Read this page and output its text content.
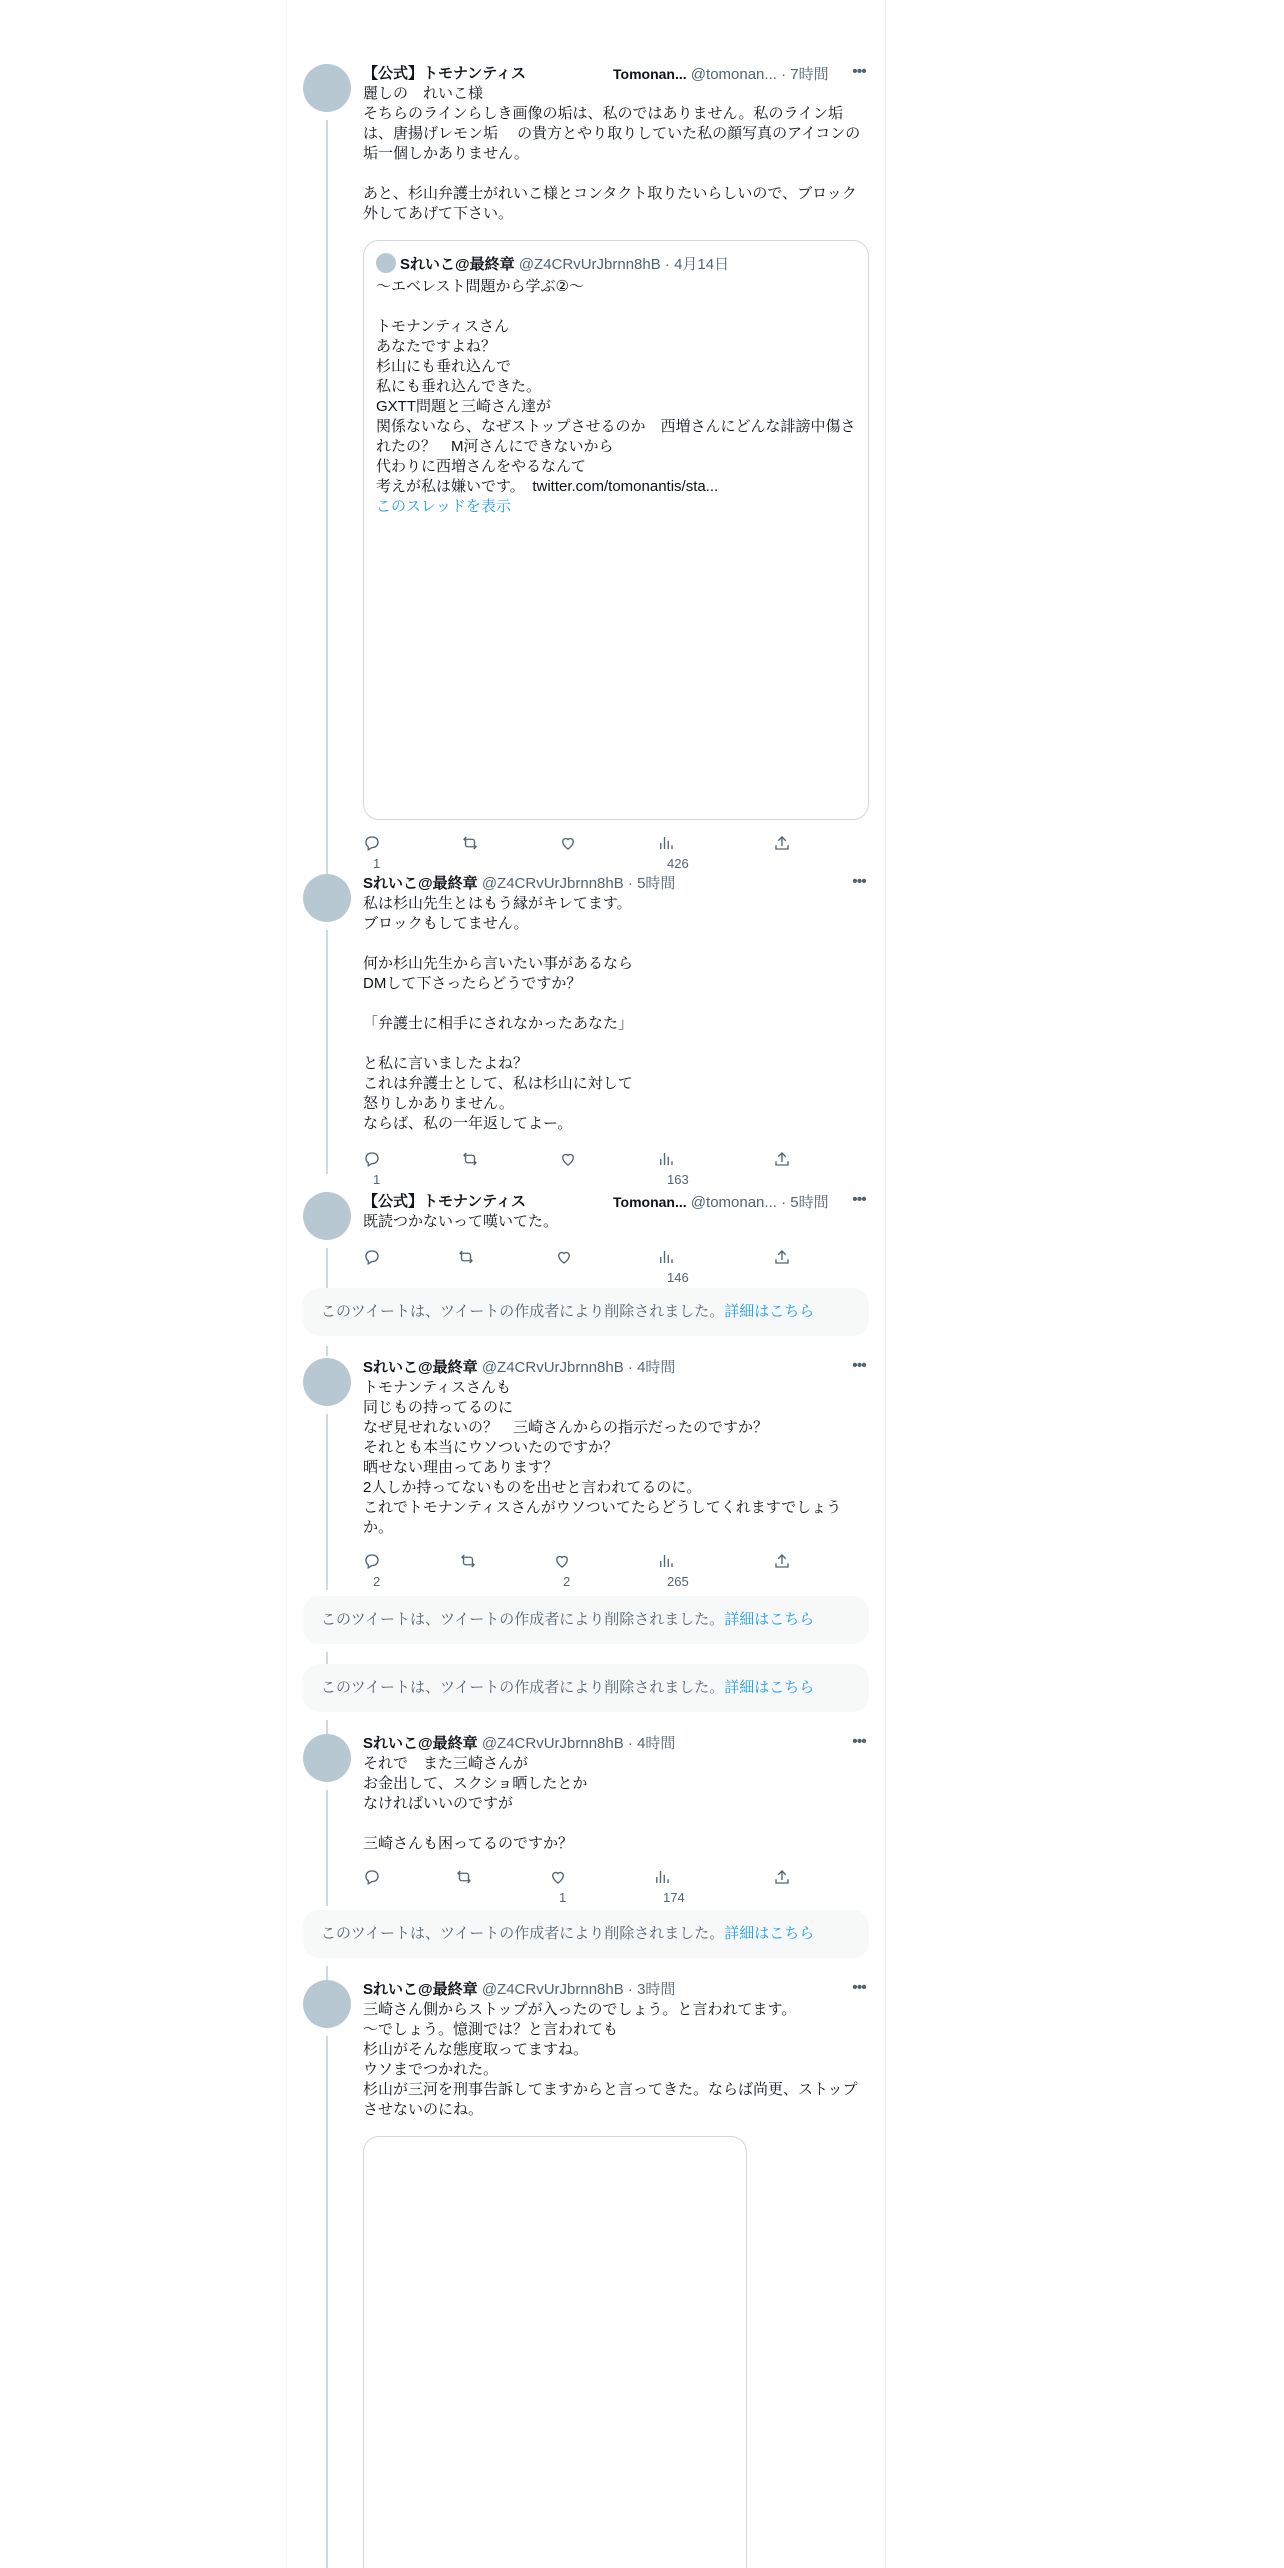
【公式】トモナンティス	Tomonan... @tomonan... · 7時間 •••
麗しの　れいこ様
そちらのラインらしき画像の垢は、私のではありません。私のライン垢は、唐揚げレモン垢　 の貴方とやり取りしていた私の顔写真のアイコンの垢一個しかありません。

あと、杉山弁護士がれいこ様とコンタクト取りたいらしいので、ブロック外してあげて下さい。
Sれいこ@最終章 @Z4CRvUrJbrnn8hB · 4月14日
〜エベレスト問題から学ぶ②〜

トモナンティスさん
あなたですよね？
杉山にも垂れ込んで
私にも垂れ込んできた。
GXTT問題と三崎さん達が
関係ないなら、なぜストップさせるのか　西増さんにどんな誹謗中傷されたの？　M河さんにできないから
代わりに西増さんをやるなんて
考えが私は嫌いです。　twitter.com/tomonantis/sta...
このスレッドを表示
1	426
Sれいこ@最終章 @Z4CRvUrJbrnn8hB · 5時間	•••
私は杉山先生とはもう縁がキレてます。
ブロックもしてません。

何か杉山先生から言いたい事があるなら
DMして下さったらどうですか？

「弁護士に相手にされなかったあなた」

と私に言いましたよね？
これは弁護士として、私は杉山に対して
怒りしかありません。
ならば、私の一年返してよー。
1	163
【公式】トモナンティス	Tomonan... @tomonan... · 5時間 •••
既読つかないって嘆いてた。
146
このツイートは、ツイートの作成者により削除されました。詳細はこちら
Sれいこ@最終章 @Z4CRvUrJbrnn8hB · 4時間	•••
トモナンティスさんも
同じもの持ってるのに
なぜ見せれないの？　三崎さんからの指示だったのですか？
それとも本当にウソついたのですか？
晒せない理由ってあります？
2人しか持ってないものを出せと言われてるのに。
これでトモナンティスさんがウソついてたらどうしてくれますでしょうか。
2	2	265
このツイートは、ツイートの作成者により削除されました。詳細はこちら
このツイートは、ツイートの作成者により削除されました。詳細はこちら
Sれいこ@最終章 @Z4CRvUrJbrnn8hB · 4時間	•••
それで　また三崎さんが
お金出して、スクショ晒したとか
なければいいのですが

三崎さんも困ってるのですか？
1	174
このツイートは、ツイートの作成者により削除されました。詳細はこちら
Sれいこ@最終章 @Z4CRvUrJbrnn8hB · 3時間	•••
三崎さん側からストップが入ったのでしょう。と言われてます。
〜でしょう。憶測では？と言われても
杉山がそんな態度取ってますね。
ウソまでつかれた。
杉山が三河を刑事告訴してますからと言ってきた。ならば尚更、ストップさせないのにね。
